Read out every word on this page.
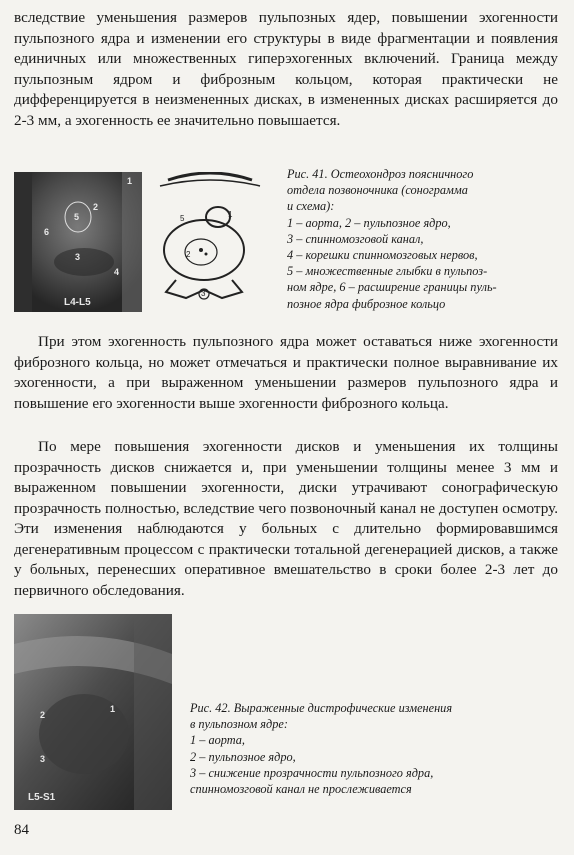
вследствие уменьшения размеров пульпозных ядер, повышении эхогенности пульпозного ядра и изменении его структуры в виде фрагментации и появления единичных или множественных гиперэхогенных включений. Граница между пульпозным ядром и фиброзным кольцом, которая практически не дифференцируется в неизмененных дисках, в измененных дисках расширяется до 2-3 мм, а эхогенность ее значительно повышается.

1
2
3
4
5
6
L4-L5
1
2
3
5
Рис. 41. Остеохондроз поясничного
отдела позвоночника (сонограмма
и схема):
1 – аорта, 2 – пульпозное ядро,
3 – спинномозговой канал,
4 – корешки спинномозговых нервов,
5 – множественные глыбки в пульпоз-
ном ядре, 6 – расширение границы пуль-
позное ядра фиброзное кольцо

При этом эхогенность пульпозного ядра может оставаться ниже эхогенности фиброзного кольца, но может отмечаться и практически полное выравнивание их эхогенности, а при выраженном уменьшении размеров пульпозного ядра и повышение его эхогенности выше эхогенности фиброзного кольца.

По мере повышения эхогенности дисков и уменьшения их толщины прозрачность дисков снижается и, при уменьшении толщины менее 3 мм и выраженном повышении эхогенности, диски утрачивают сонографическую прозрачность полностью, вследствие чего позвоночный канал не доступен осмотру. Эти изменения наблюдаются у больных с длительно формировавшимся дегенеративным процессом с практически тотальной дегенерацией дисков, а также у больных, перенесших оперативное вмешательство в сроки более 2-3 лет до первичного обследования.

1
2
3
L5-S1
Рис. 42. Выраженные дистрофические изменения
в пульпозном ядре:
1 – аорта,
2 – пульпозное ядро,
3 – снижение прозрачности пульпозного ядра,
спинномозговой канал не прослеживается
84
